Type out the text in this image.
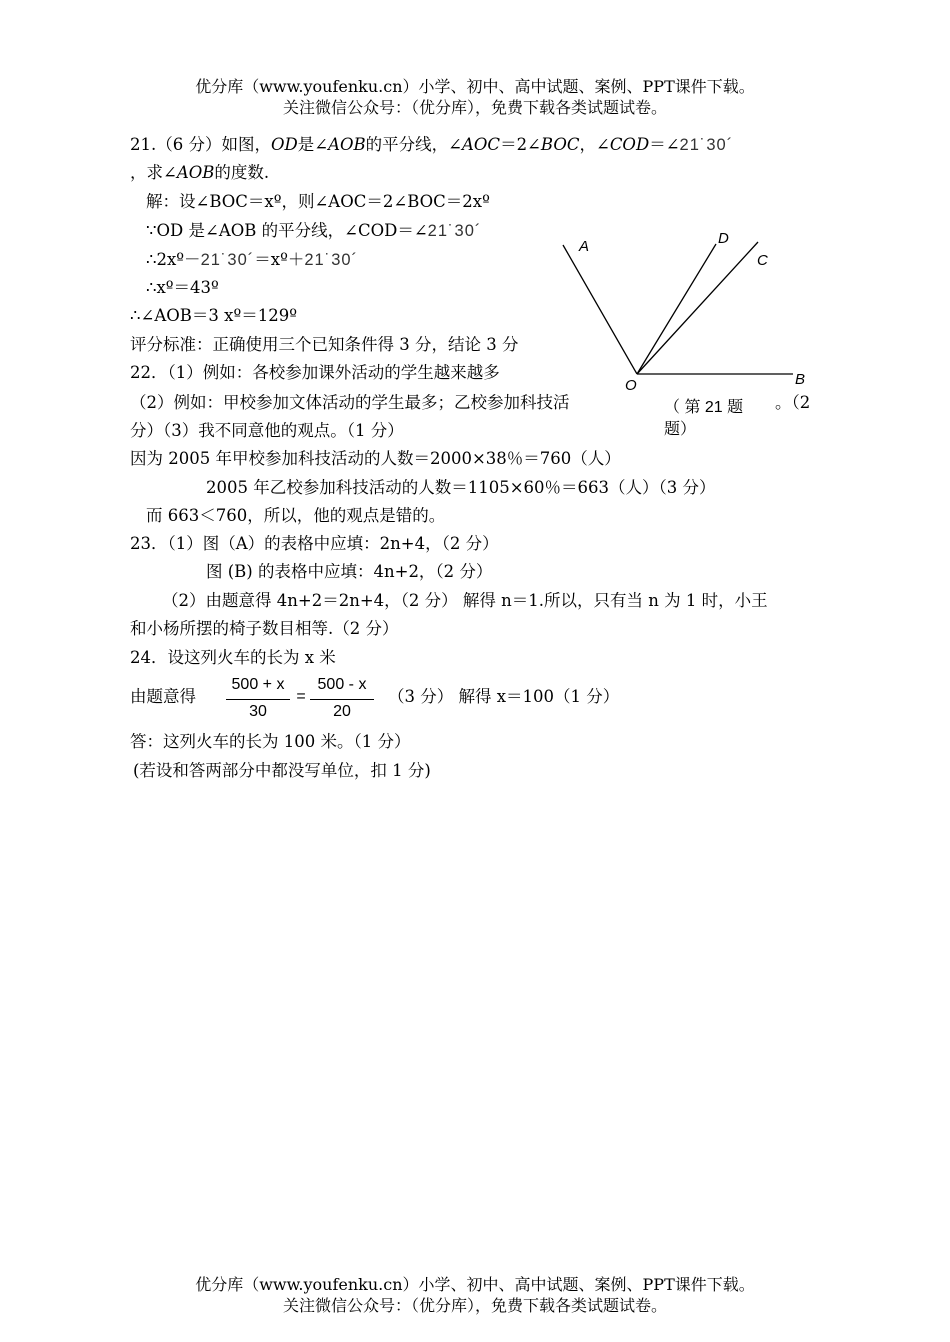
优分库（www.youfenku.cn）小学、初中、高中试题、案例、PPT课件下载。
关注微信公众号：（优分库），免费下载各类试题试卷。
21.（6 分）如图，OD是∠AOB的平分线，∠AOC＝2∠BOC，∠COD＝∠21˙30´
，求∠AOB的度数.
解：设∠BOC＝xº，则∠AOC＝2∠BOC＝2xº
∵OD 是∠AOB 的平分线，∠COD＝∠21˙30´
∴2xº－21˙30´＝xº＋21˙30´
∴xº＝43º
∴∠AOB＝3 xº＝129º
评分标准：正确使用三个已知条件得 3 分，结论 3 分
A	D
C
O	B
22．（1）例如：各校参加课外活动的学生越来越多
（2）例如：甲校参加文体活动的学生最多；乙校参加科技活	（ 第 21 题	。（2
题）
分）（3）我不同意他的观点。（1 分）
因为 2005 年甲校参加科技活动的人数＝2000×38％＝760（人）
2005 年乙校参加科技活动的人数＝1105×60％＝663（人）（3 分）
而 663＜760，所以，他的观点是错的。
23．（1）图（A）的表格中应填：2n+4，（2 分）
图 (B) 的表格中应填：4n+2，（2 分）
（2）由题意得 4n+2＝2n+4，（2 分） 解得 n＝1.所以，只有当 n 为 1 时，小王
和小杨所摆的椅子数目相等.（2 分）
24．设这列火车的长为 x 米
由题意得
500 + x
30
=
500 - x
20
（3 分） 解得 x＝100（1 分）
答：这列火车的长为 100 米。（1 分）
(若设和答两部分中都没写单位，扣 1 分)
优分库（www.youfenku.cn）小学、初中、高中试题、案例、PPT课件下载。
关注微信公众号：（优分库），免费下载各类试题试卷。
